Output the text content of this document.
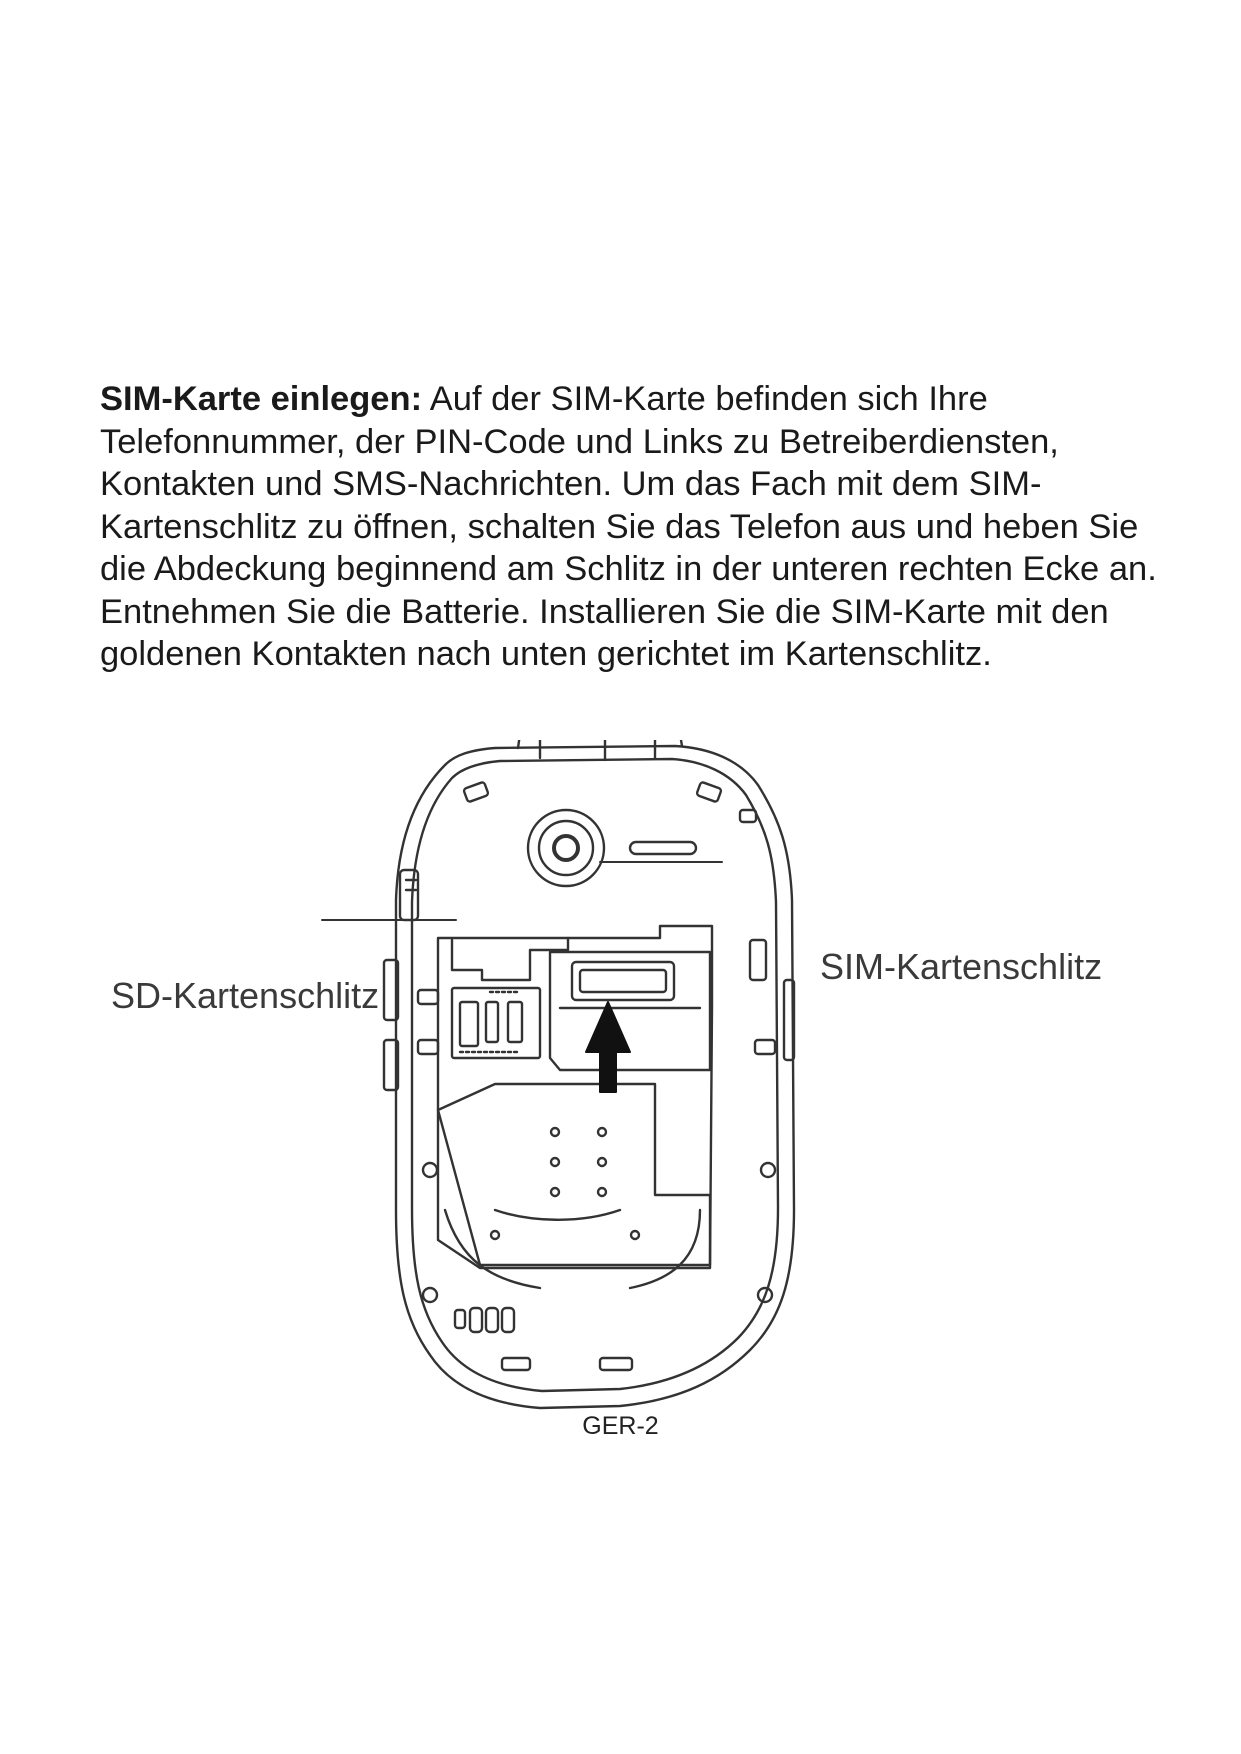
SIM-Karte einlegen: Auf der SIM-Karte befinden sich Ihre Telefonnummer, der PIN-Code und Links zu Betreiberdiensten, Kontakten und SMS-Nachrichten. Um das Fach mit dem SIM-Kartenschlitz zu öffnen, schalten Sie das Telefon aus und heben Sie die Abdeckung beginnend am Schlitz in der unteren rechten Ecke an. Entnehmen Sie die Batterie. Installieren Sie die SIM-Karte mit den goldenen Kontakten nach unten gerichtet im Kartenschlitz.

SD-Kartenschlitz
SIM-Kartenschlitz
GER-2
